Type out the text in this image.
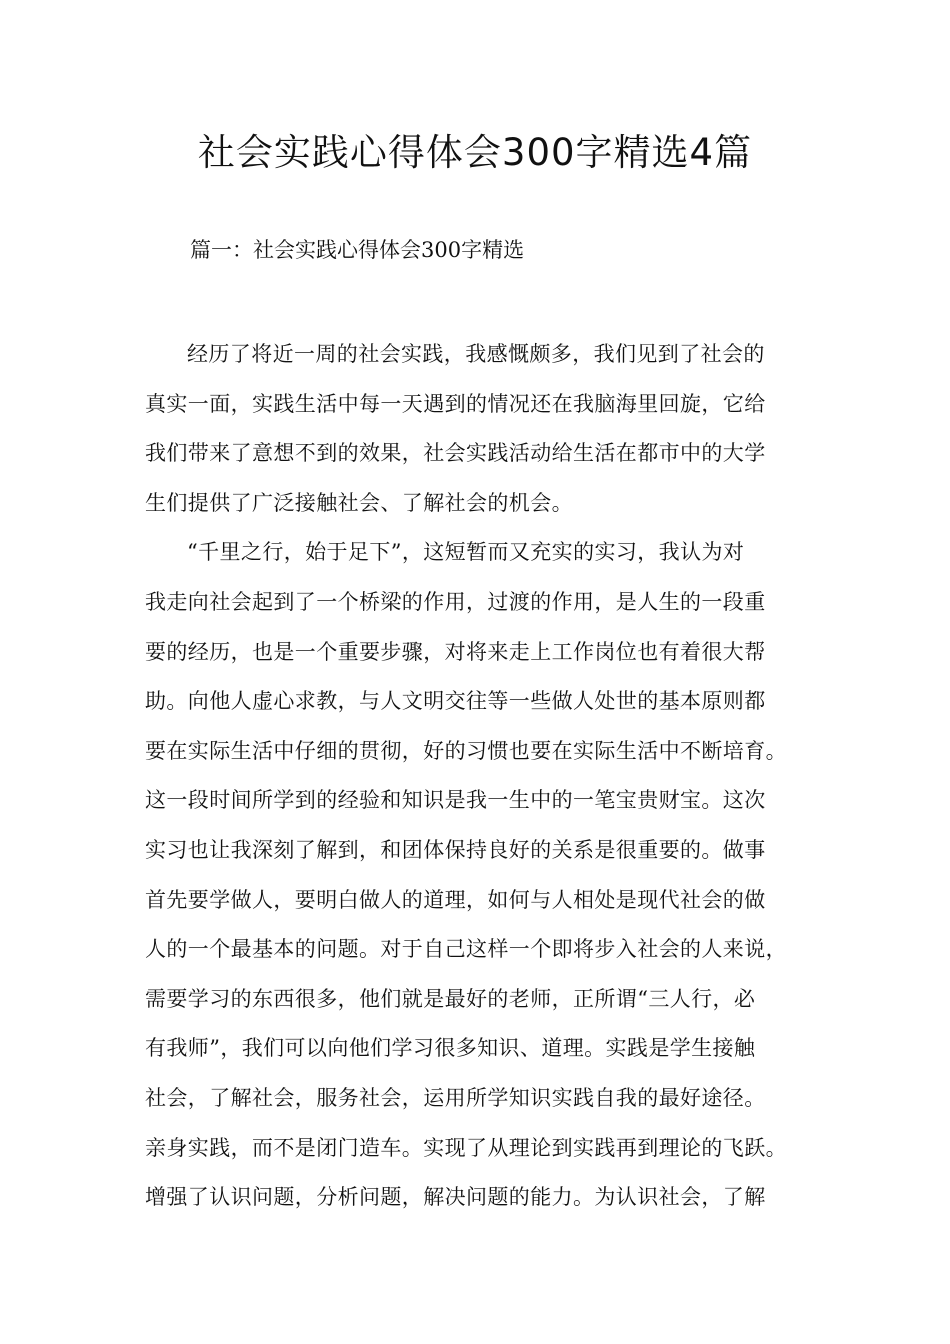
社会实践心得体会300字精选4篇
篇一：社会实践心得体会300字精选
经历了将近一周的社会实践，我感慨颇多，我们见到了社会的
真实一面，实践生活中每一天遇到的情况还在我脑海里回旋，它给
我们带来了意想不到的效果，社会实践活动给生活在都市中的大学
生们提供了广泛接触社会、了解社会的机会。
“千里之行，始于足下”，这短暂而又充实的实习，我认为对
我走向社会起到了一个桥梁的作用，过渡的作用，是人生的一段重
要的经历，也是一个重要步骤，对将来走上工作岗位也有着很大帮
助。向他人虚心求教，与人文明交往等一些做人处世的基本原则都
要在实际生活中仔细的贯彻，好的习惯也要在实际生活中不断培育。
这一段时间所学到的经验和知识是我一生中的一笔宝贵财宝。这次
实习也让我深刻了解到，和团体保持良好的关系是很重要的。做事
首先要学做人，要明白做人的道理，如何与人相处是现代社会的做
人的一个最基本的问题。对于自己这样一个即将步入社会的人来说，
需要学习的东西很多，他们就是最好的老师，正所谓“三人行，必
有我师”，我们可以向他们学习很多知识、道理。实践是学生接触
社会，了解社会，服务社会，运用所学知识实践自我的最好途径。
亲身实践，而不是闭门造车。实现了从理论到实践再到理论的飞跃。
增强了认识问题，分析问题，解决问题的能力。为认识社会，了解
